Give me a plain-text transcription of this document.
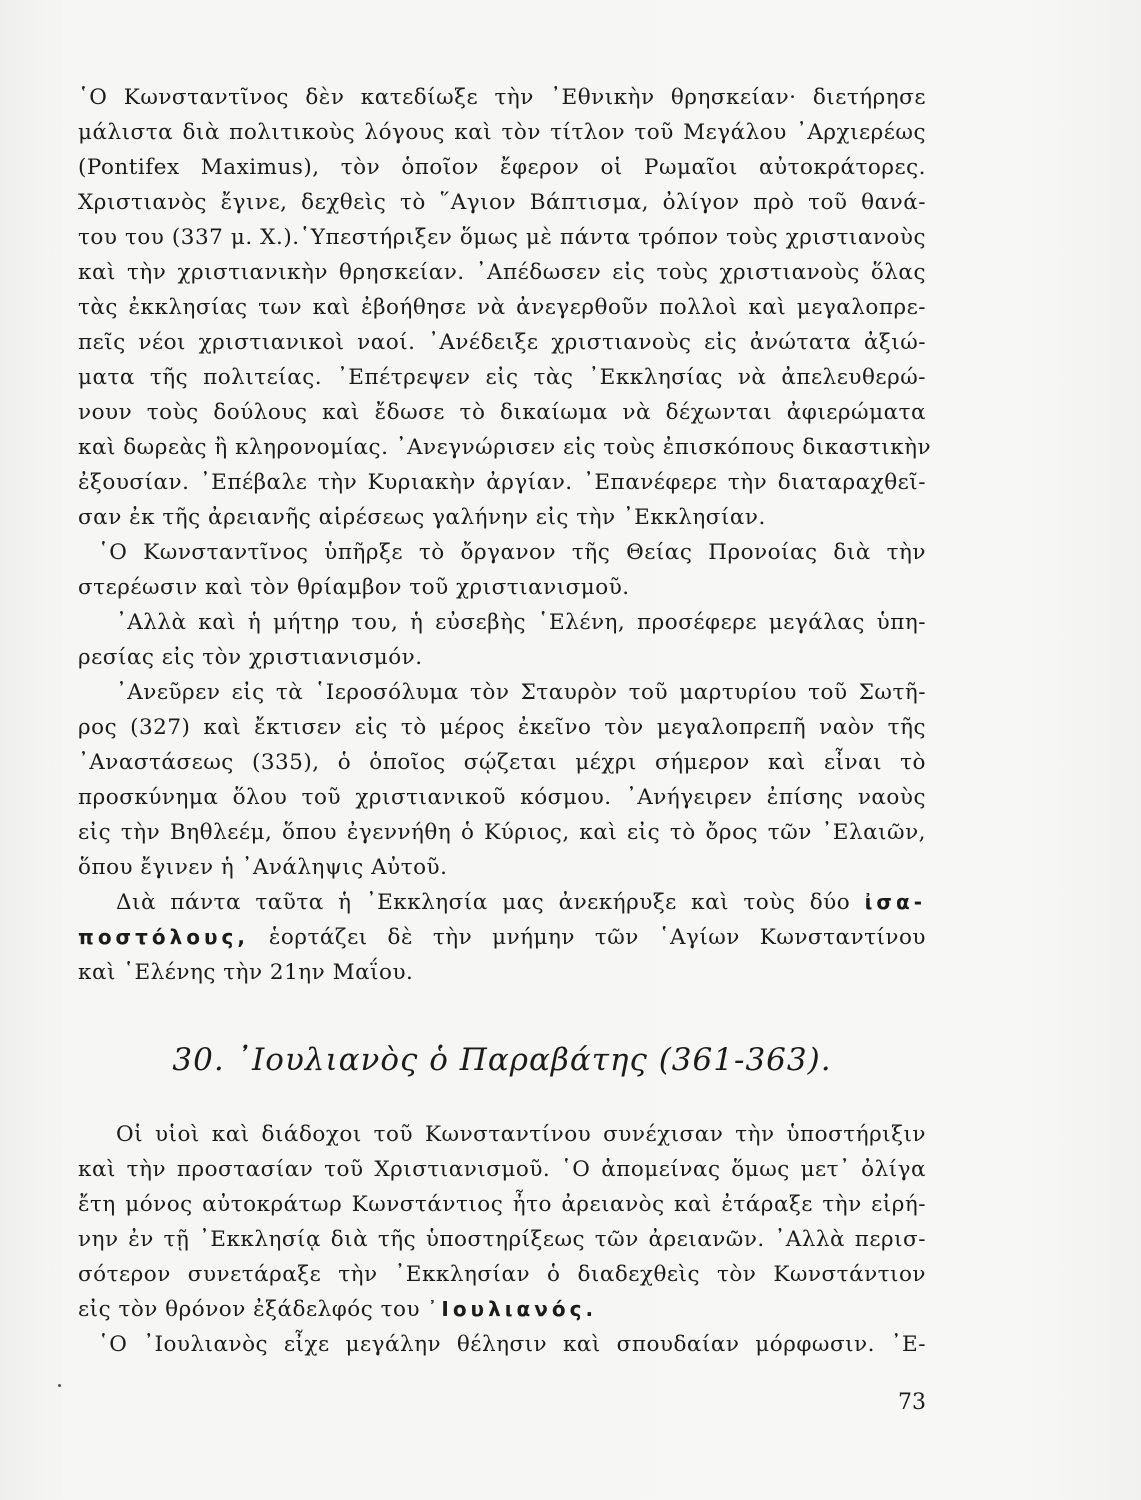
῾Ο Κωνσταντῖνος δὲν κατεδίωξε τὴν ᾿Εθνικὴν θρησκείαν· διετήρησε
μάλιστα διὰ πολιτικοὺς λόγους καὶ τὸν τίτλον τοῦ Μεγάλου ᾿Αρχιερέως
(Pontifex Maximus), τὸν ὁποῖον ἔφερον οἱ Ρωμαῖοι αὐτοκράτορες.
Χριστιανὸς ἔγινε, δεχθεὶς τὸ ῞Αγιον Βάπτισμα, ὀλίγον πρὸ τοῦ θανά-
του του (337 μ. Χ.).῾Υπεστήριξεν ὅμως μὲ πάντα τρόπον τοὺς χριστιανοὺς
καὶ τὴν χριστιανικὴν θρησκείαν. ᾿Απέδωσεν εἰς τοὺς χριστιανοὺς ὅλας
τὰς ἐκκλησίας των καὶ ἐβοήθησε νὰ ἀνεγερθοῦν πολλοὶ καὶ μεγαλοπρε-
πεῖς νέοι χριστιανικοὶ ναοί. ᾿Ανέδειξε χριστιανοὺς εἰς ἀνώτατα ἀξιώ-
ματα τῆς πολιτείας. ᾿Επέτρεψεν εἰς τὰς ᾿Εκκλησίας νὰ ἀπελευθερώ-
νουν τοὺς δούλους καὶ ἔδωσε τὸ δικαίωμα νὰ δέχωνται ἀφιερώματα
καὶ δωρεὰς ἢ κληρονομίας. ᾿Ανεγνώρισεν εἰς τοὺς ἐπισκόπους δικαστικὴν
ἐξουσίαν. ᾿Επέβαλε τὴν Κυριακὴν ἀργίαν. ᾿Επανέφερε τὴν διαταραχθεῖ-
σαν ἐκ τῆς ἀρειανῆς αἱρέσεως γαλήνην εἰς τὴν ᾿Εκκλησίαν.
῾Ο Κωνσταντῖνος ὑπῆρξε τὸ ὄργανον τῆς Θείας Προνοίας διὰ τὴν
στερέωσιν καὶ τὸν θρίαμβον τοῦ χριστιανισμοῦ.
᾿Αλλὰ καὶ ἡ μήτηρ του, ἡ εὐσεβὴς ῾Ελένη, προσέφερε μεγάλας ὑπη-
ρεσίας εἰς τὸν χριστιανισμόν.
᾿Ανεῦρεν εἰς τὰ ῾Ιεροσόλυμα τὸν Σταυρὸν τοῦ μαρτυρίου τοῦ Σωτῆ-
ρος (327) καὶ ἔκτισεν εἰς τὸ μέρος ἐκεῖνο τὸν μεγαλοπρεπῆ ναὸν τῆς
᾿Αναστάσεως (335), ὁ ὁποῖος σῴζεται μέχρι σήμερον καὶ εἶναι τὸ
προσκύνημα ὅλου τοῦ χριστιανικοῦ κόσμου. ᾿Ανήγειρεν ἐπίσης ναοὺς
εἰς τὴν Βηθλεέμ, ὅπου ἐγεννήθη ὁ Κύριος, καὶ εἰς τὸ ὄρος τῶν ᾿Ελαιῶν,
ὅπου ἔγινεν ἡ ᾿Ανάληψις Αὐτοῦ.
Διὰ πάντα ταῦτα ἡ ᾿Εκκλησία μας ἀνεκήρυξε καὶ τοὺς δύο ἰσα-
ποστόλους, ἑορτάζει δὲ τὴν μνήμην τῶν ῾Αγίων Κωνσταντίνου
καὶ ῾Ελένης τὴν 21ην Μαΐου.
30. ᾿Ιουλιανὸς ὁ Παραβάτης (361-363).
Οἱ υἱοὶ καὶ διάδοχοι τοῦ Κωνσταντίνου συνέχισαν τὴν ὑποστήριξιν
καὶ τὴν προστασίαν τοῦ Χριστιανισμοῦ. ῾Ο ἀπομείνας ὅμως μετ᾿ ὀλίγα
ἔτη μόνος αὐτοκράτωρ Κωνστάντιος ἦτο ἀρειανὸς καὶ ἐτάραξε τὴν εἰρή-
νην ἐν τῇ ᾿Εκκλησίᾳ διὰ τῆς ὑποστηρίξεως τῶν ἀρειανῶν. ᾿Αλλὰ περισ-
σότερον συνετάραξε τὴν ᾿Εκκλησίαν ὁ διαδεχθεὶς τὸν Κωνστάντιον
εἰς τὸν θρόνον ἐξάδελφός του ᾿Ιουλιανός.
῾Ο ᾿Ιουλιανὸς εἶχε μεγάλην θέλησιν καὶ σπουδαίαν μόρφωσιν. ᾿Ε-
73
